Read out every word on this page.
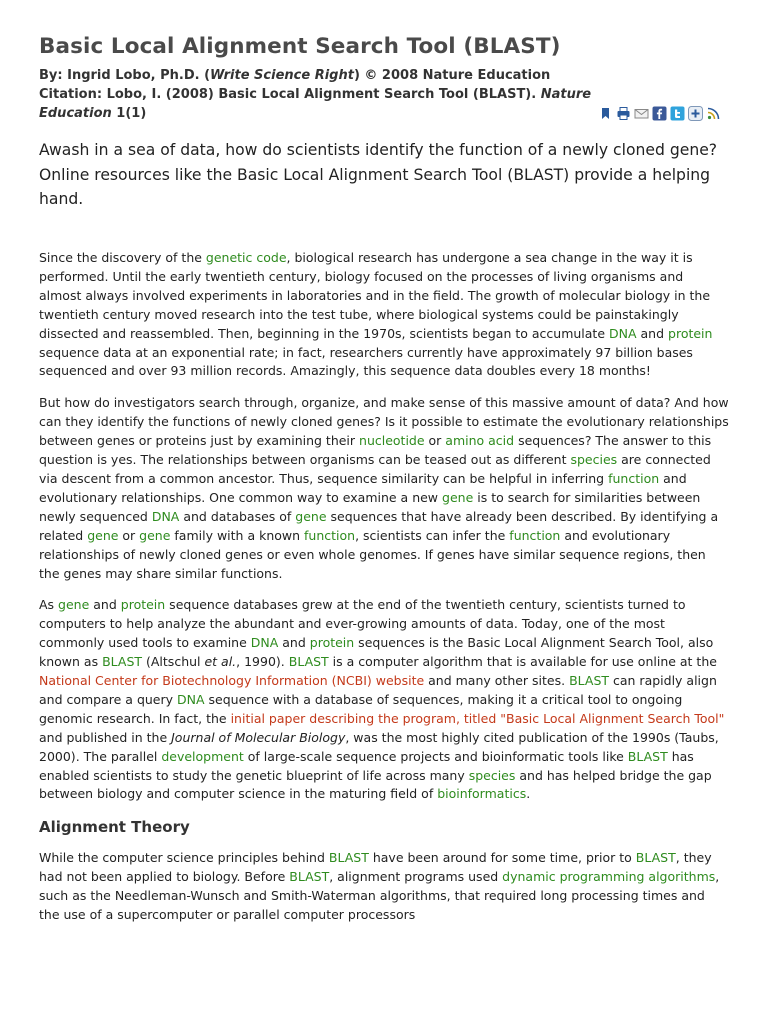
Basic Local Alignment Search Tool (BLAST)
By: Ingrid Lobo, Ph.D. (Write Science Right) © 2008 Nature Education
Citation: Lobo, I. (2008) Basic Local Alignment Search Tool (BLAST). Nature Education 1(1)

Awash in a sea of data, how do scientists identify the function of a newly cloned gene? Online resources like the Basic Local Alignment Search Tool (BLAST) provide a helping hand.

Since the discovery of the genetic code, biological research has undergone a sea change in the way it is performed. Until the early twentieth century, biology focused on the processes of living organisms and almost always involved experiments in laboratories and in the field. The growth of molecular biology in the twentieth century moved research into the test tube, where biological systems could be painstakingly dissected and reassembled. Then, beginning in the 1970s, scientists began to accumulate DNA and protein sequence data at an exponential rate; in fact, researchers currently have approximately 97 billion bases sequenced and over 93 million records. Amazingly, this sequence data doubles every 18 months!

But how do investigators search through, organize, and make sense of this massive amount of data? And how can they identify the functions of newly cloned genes? Is it possible to estimate the evolutionary relationships between genes or proteins just by examining their nucleotide or amino acid sequences? The answer to this question is yes. The relationships between organisms can be teased out as different species are connected via descent from a common ancestor. Thus, sequence similarity can be helpful in inferring function and evolutionary relationships. One common way to examine a new gene is to search for similarities between newly sequenced DNA and databases of gene sequences that have already been described. By identifying a related gene or gene family with a known function, scientists can infer the function and evolutionary relationships of newly cloned genes or even whole genomes. If genes have similar sequence regions, then the genes may share similar functions.

As gene and protein sequence databases grew at the end of the twentieth century, scientists turned to computers to help analyze the abundant and ever-growing amounts of data. Today, one of the most commonly used tools to examine DNA and protein sequences is the Basic Local Alignment Search Tool, also known as BLAST (Altschul et al., 1990). BLAST is a computer algorithm that is available for use online at the National Center for Biotechnology Information (NCBI) website and many other sites. BLAST can rapidly align and compare a query DNA sequence with a database of sequences, making it a critical tool to ongoing genomic research. In fact, the initial paper describing the program, titled "Basic Local Alignment Search Tool" and published in the Journal of Molecular Biology, was the most highly cited publication of the 1990s (Taubs, 2000). The parallel development of large-scale sequence projects and bioinformatic tools like BLAST has enabled scientists to study the genetic blueprint of life across many species and has helped bridge the gap between biology and computer science in the maturing field of bioinformatics.

Alignment Theory

While the computer science principles behind BLAST have been around for some time, prior to BLAST, they had not been applied to biology. Before BLAST, alignment programs used dynamic programming algorithms, such as the Needleman-Wunsch and Smith-Waterman algorithms, that required long processing times and the use of a supercomputer or parallel computer processors
